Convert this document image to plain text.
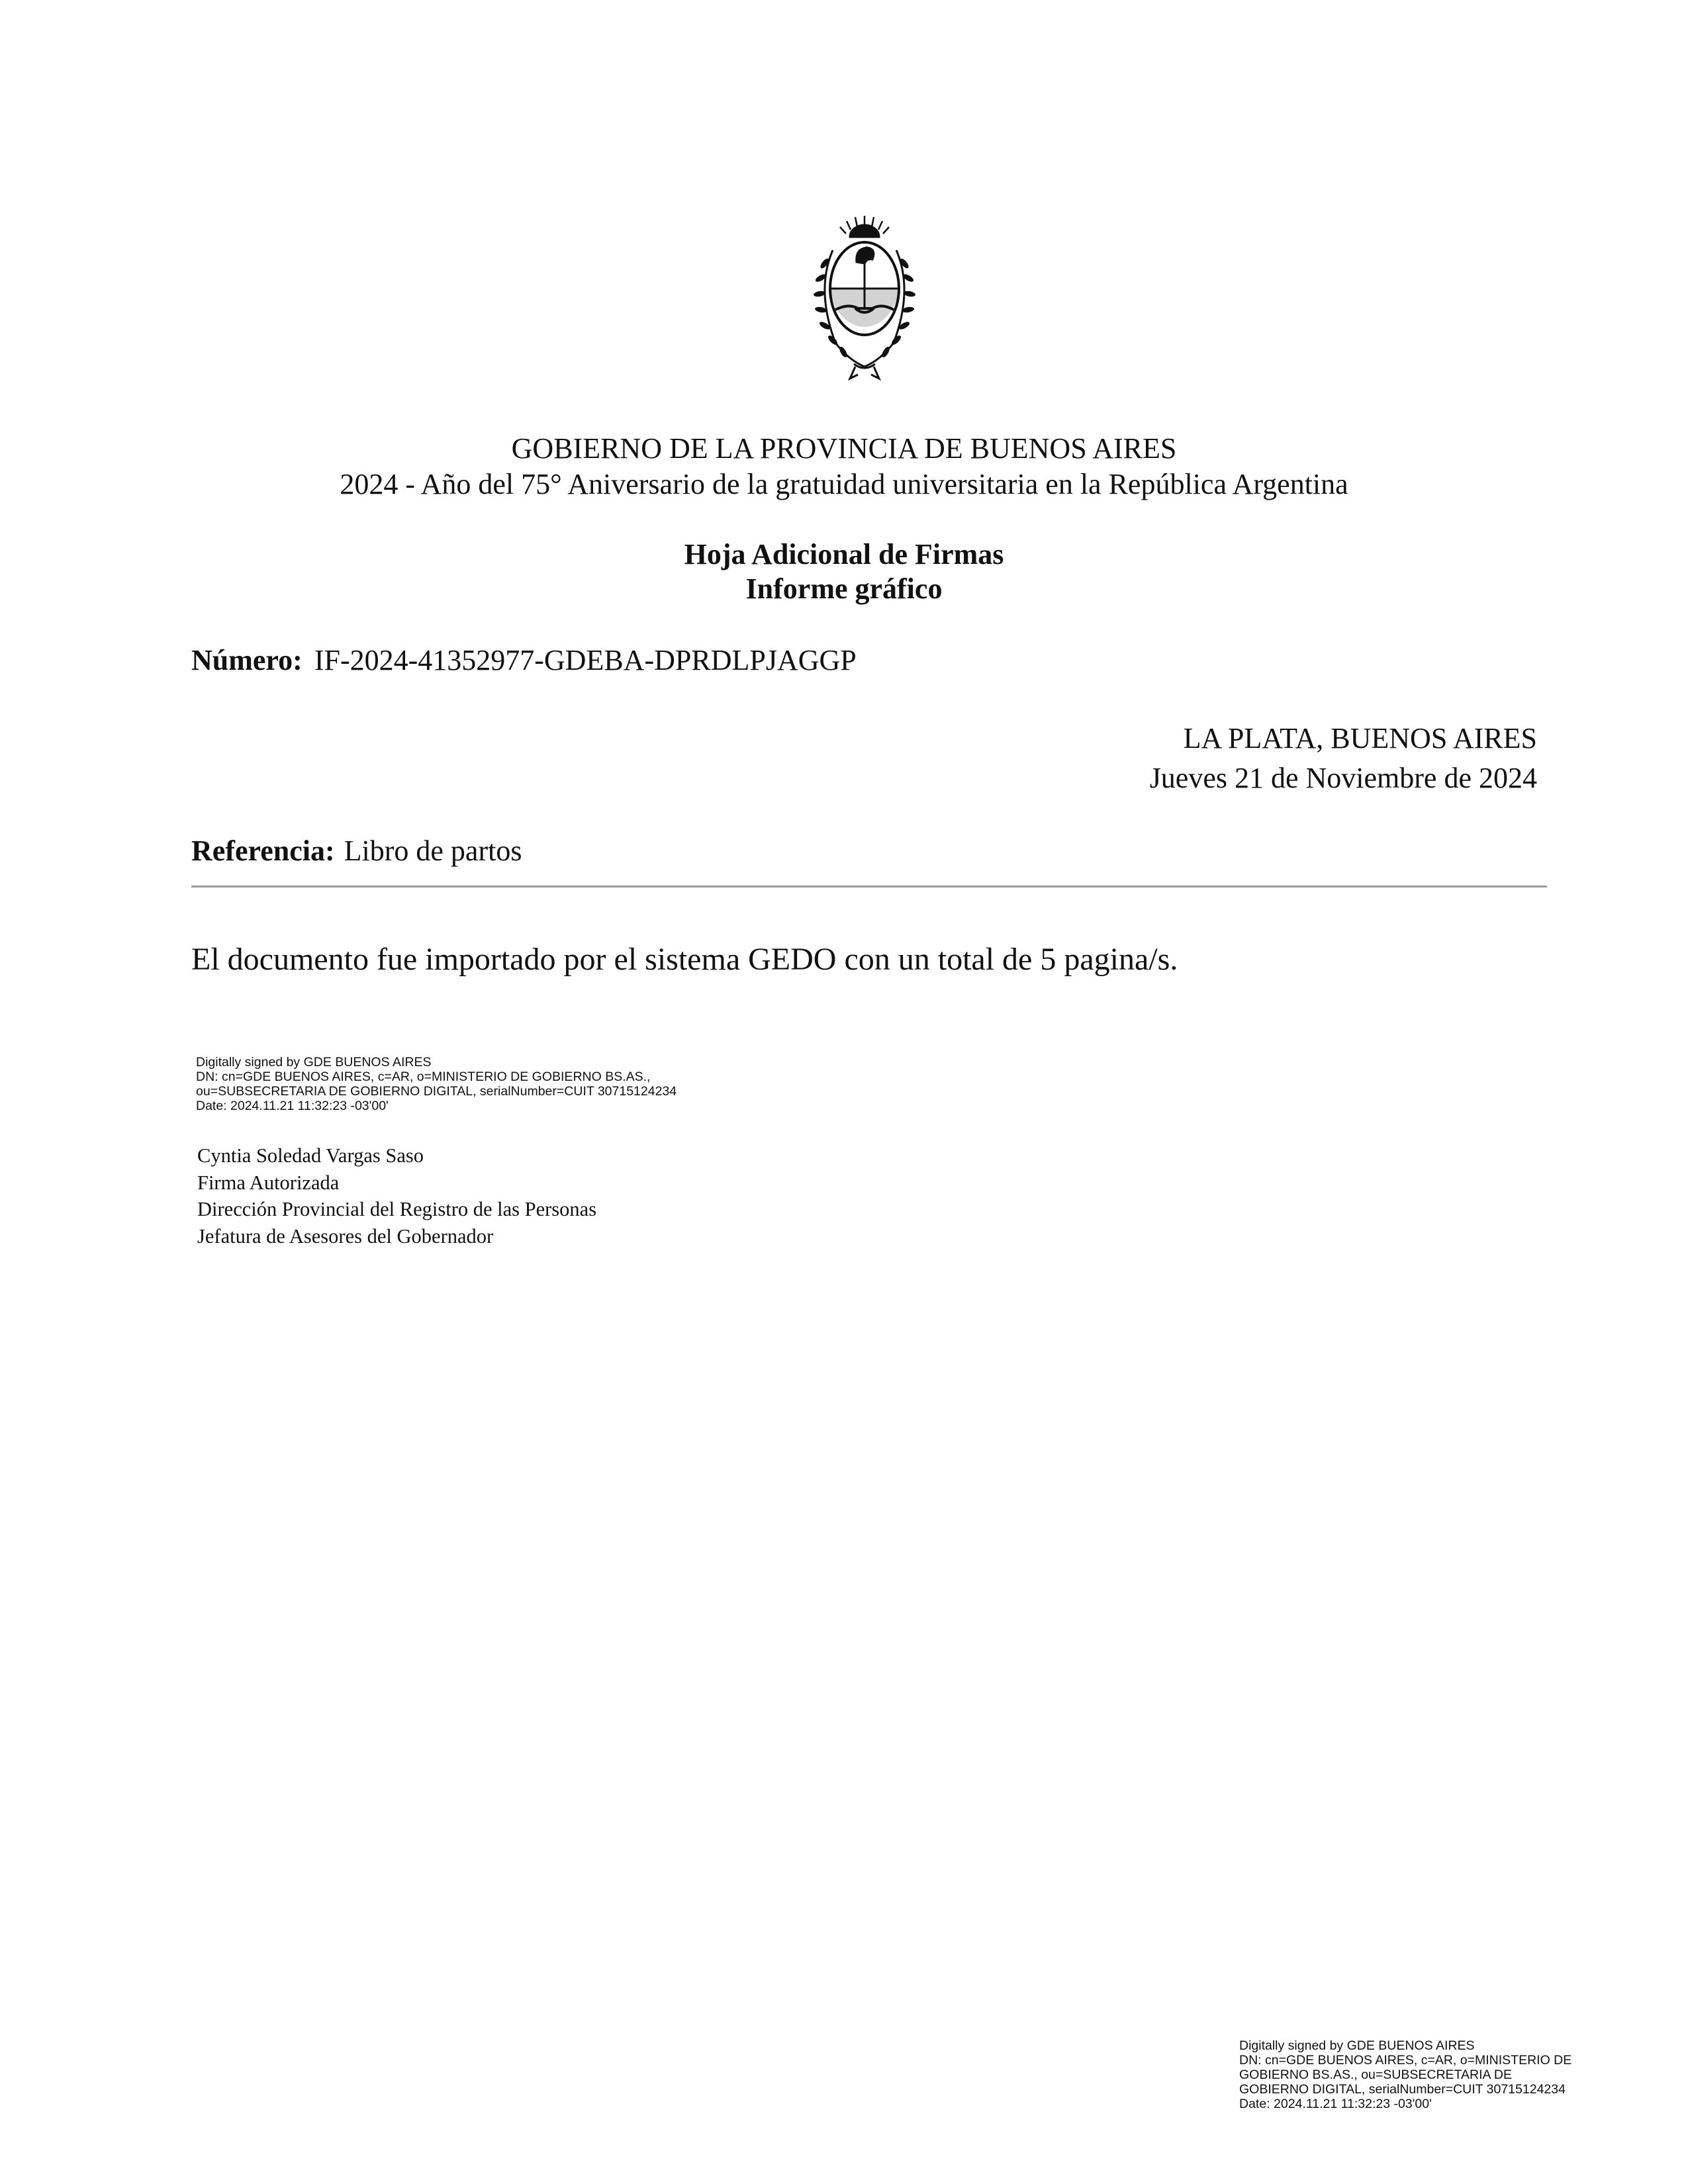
GOBIERNO DE LA PROVINCIA DE BUENOS AIRES
2024 - Año del 75° Aniversario de la gratuidad universitaria en la República Argentina
Hoja Adicional de Firmas
Informe gráfico
Número: IF-2024-41352977-GDEBA-DPRDLPJAGGP
LA PLATA, BUENOS AIRES
Jueves 21 de Noviembre de 2024
Referencia: Libro de partos
El documento fue importado por el sistema GEDO con un total de 5 pagina/s.
Digitally signed by GDE BUENOS AIRES
DN: cn=GDE BUENOS AIRES, c=AR, o=MINISTERIO DE GOBIERNO BS.AS.,
ou=SUBSECRETARIA DE GOBIERNO DIGITAL, serialNumber=CUIT 30715124234
Date: 2024.11.21 11:32:23 -03'00'
Cyntia Soledad Vargas Saso
Firma Autorizada
Dirección Provincial del Registro de las Personas
Jefatura de Asesores del Gobernador
Digitally signed by GDE BUENOS AIRES
DN: cn=GDE BUENOS AIRES, c=AR, o=MINISTERIO DE
GOBIERNO BS.AS., ou=SUBSECRETARIA DE
GOBIERNO DIGITAL, serialNumber=CUIT 30715124234
Date: 2024.11.21 11:32:23 -03'00'
